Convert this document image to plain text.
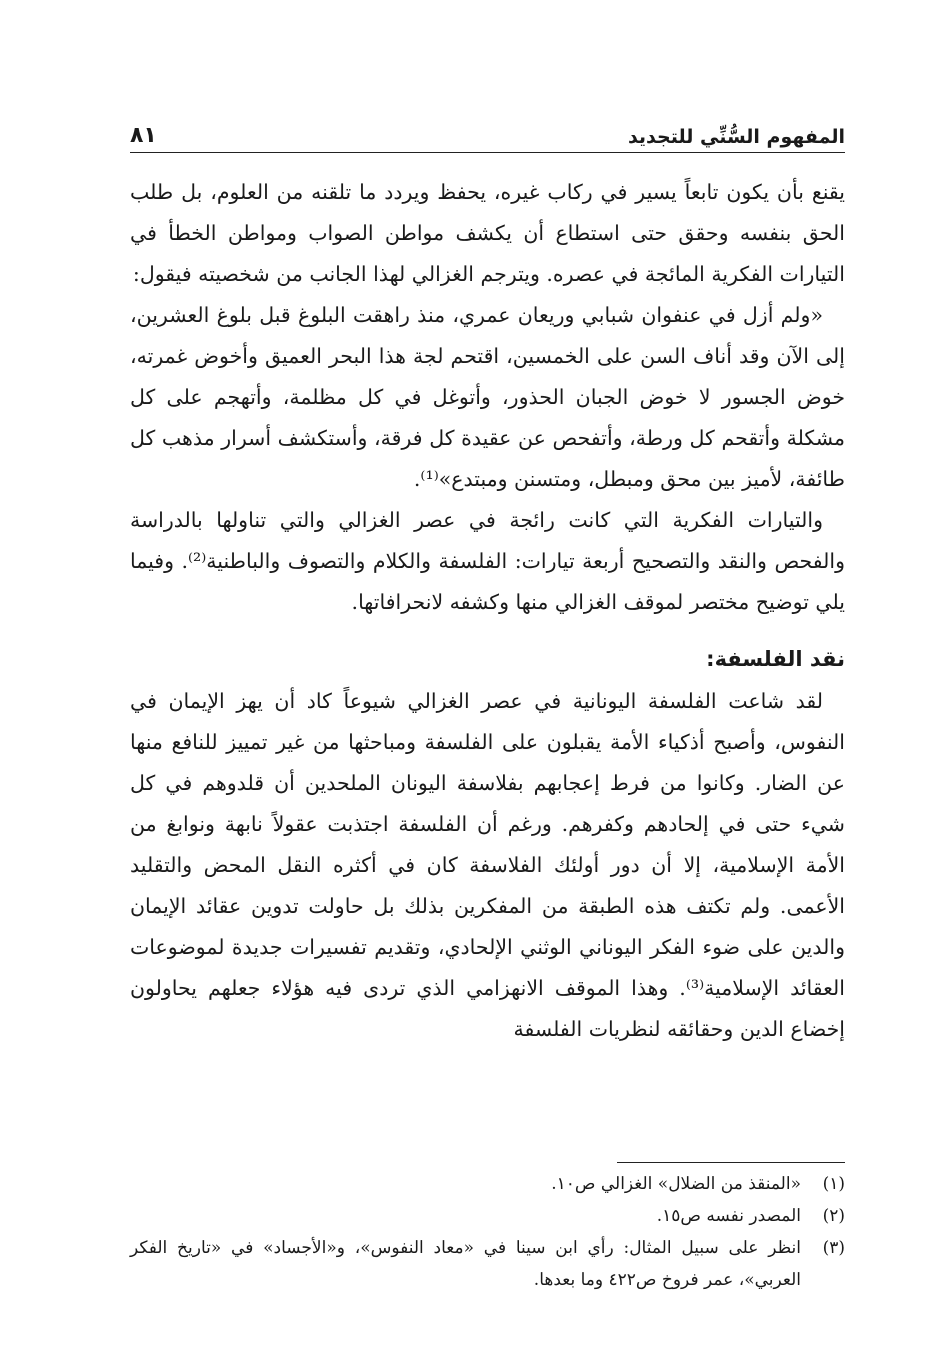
المفهوم السُّنِّي للتجديد
٨١

يقنع بأن يكون تابعاً يسير في ركاب غيره، يحفظ ويردد ما تلقنه من العلوم، بل طلب الحق بنفسه وحقق حتى استطاع أن يكشف مواطن الصواب ومواطن الخطأ في التيارات الفكرية المائجة في عصره. ويترجم الغزالي لهذا الجانب من شخصيته فيقول:

«ولم أزل في عنفوان شبابي وريعان عمري، منذ راهقت البلوغ قبل بلوغ العشرين، إلى الآن وقد أناف السن على الخمسين، اقتحم لجة هذا البحر العميق وأخوض غمرته، خوض الجسور لا خوض الجبان الحذور، وأتوغل في كل مظلمة، وأتهجم على كل مشكلة وأتقحم كل ورطة، وأتفحص عن عقيدة كل فرقة، وأستكشف أسرار مذهب كل طائفة، لأميز بين محق ومبطل، ومتسنن ومبتدع»⁽¹⁾.

والتيارات الفكرية التي كانت رائجة في عصر الغزالي والتي تناولها بالدراسة والفحص والنقد والتصحيح أربعة تيارات: الفلسفة والكلام والتصوف والباطنية⁽²⁾. وفيما يلي توضيح مختصر لموقف الغزالي منها وكشفه لانحرافاتها.

نقد الفلسفة:

لقد شاعت الفلسفة اليونانية في عصر الغزالي شيوعاً كاد أن يهز الإيمان في النفوس، وأصبح أذكياء الأمة يقبلون على الفلسفة ومباحثها من غير تمييز للنافع منها عن الضار. وكانوا من فرط إعجابهم بفلاسفة اليونان الملحدين أن قلدوهم في كل شيء حتى في إلحادهم وكفرهم. ورغم أن الفلسفة اجتذبت عقولاً نابهة ونوابغ من الأمة الإسلامية، إلا أن دور أولئك الفلاسفة كان في أكثره النقل المحض والتقليد الأعمى. ولم تكتف هذه الطبقة من المفكرين بذلك بل حاولت تدوين عقائد الإيمان والدين على ضوء الفكر اليوناني الوثني الإلحادي، وتقديم تفسيرات جديدة لموضوعات العقائد الإسلامية⁽³⁾. وهذا الموقف الانهزامي الذي تردى فيه هؤلاء جعلهم يحاولون إخضاع الدين وحقائقه لنظريات الفلسفة

(١)
«المنقذ من الضلال» الغزالي ص١٠.
(٢)
المصدر نفسه ص١٥.
(٣)
انظر على سبيل المثال: رأي ابن سينا في «معاد النفوس»، و«الأجساد» في «تاريخ الفكر العربي»، عمر فروخ ص٤٢٢ وما بعدها.
